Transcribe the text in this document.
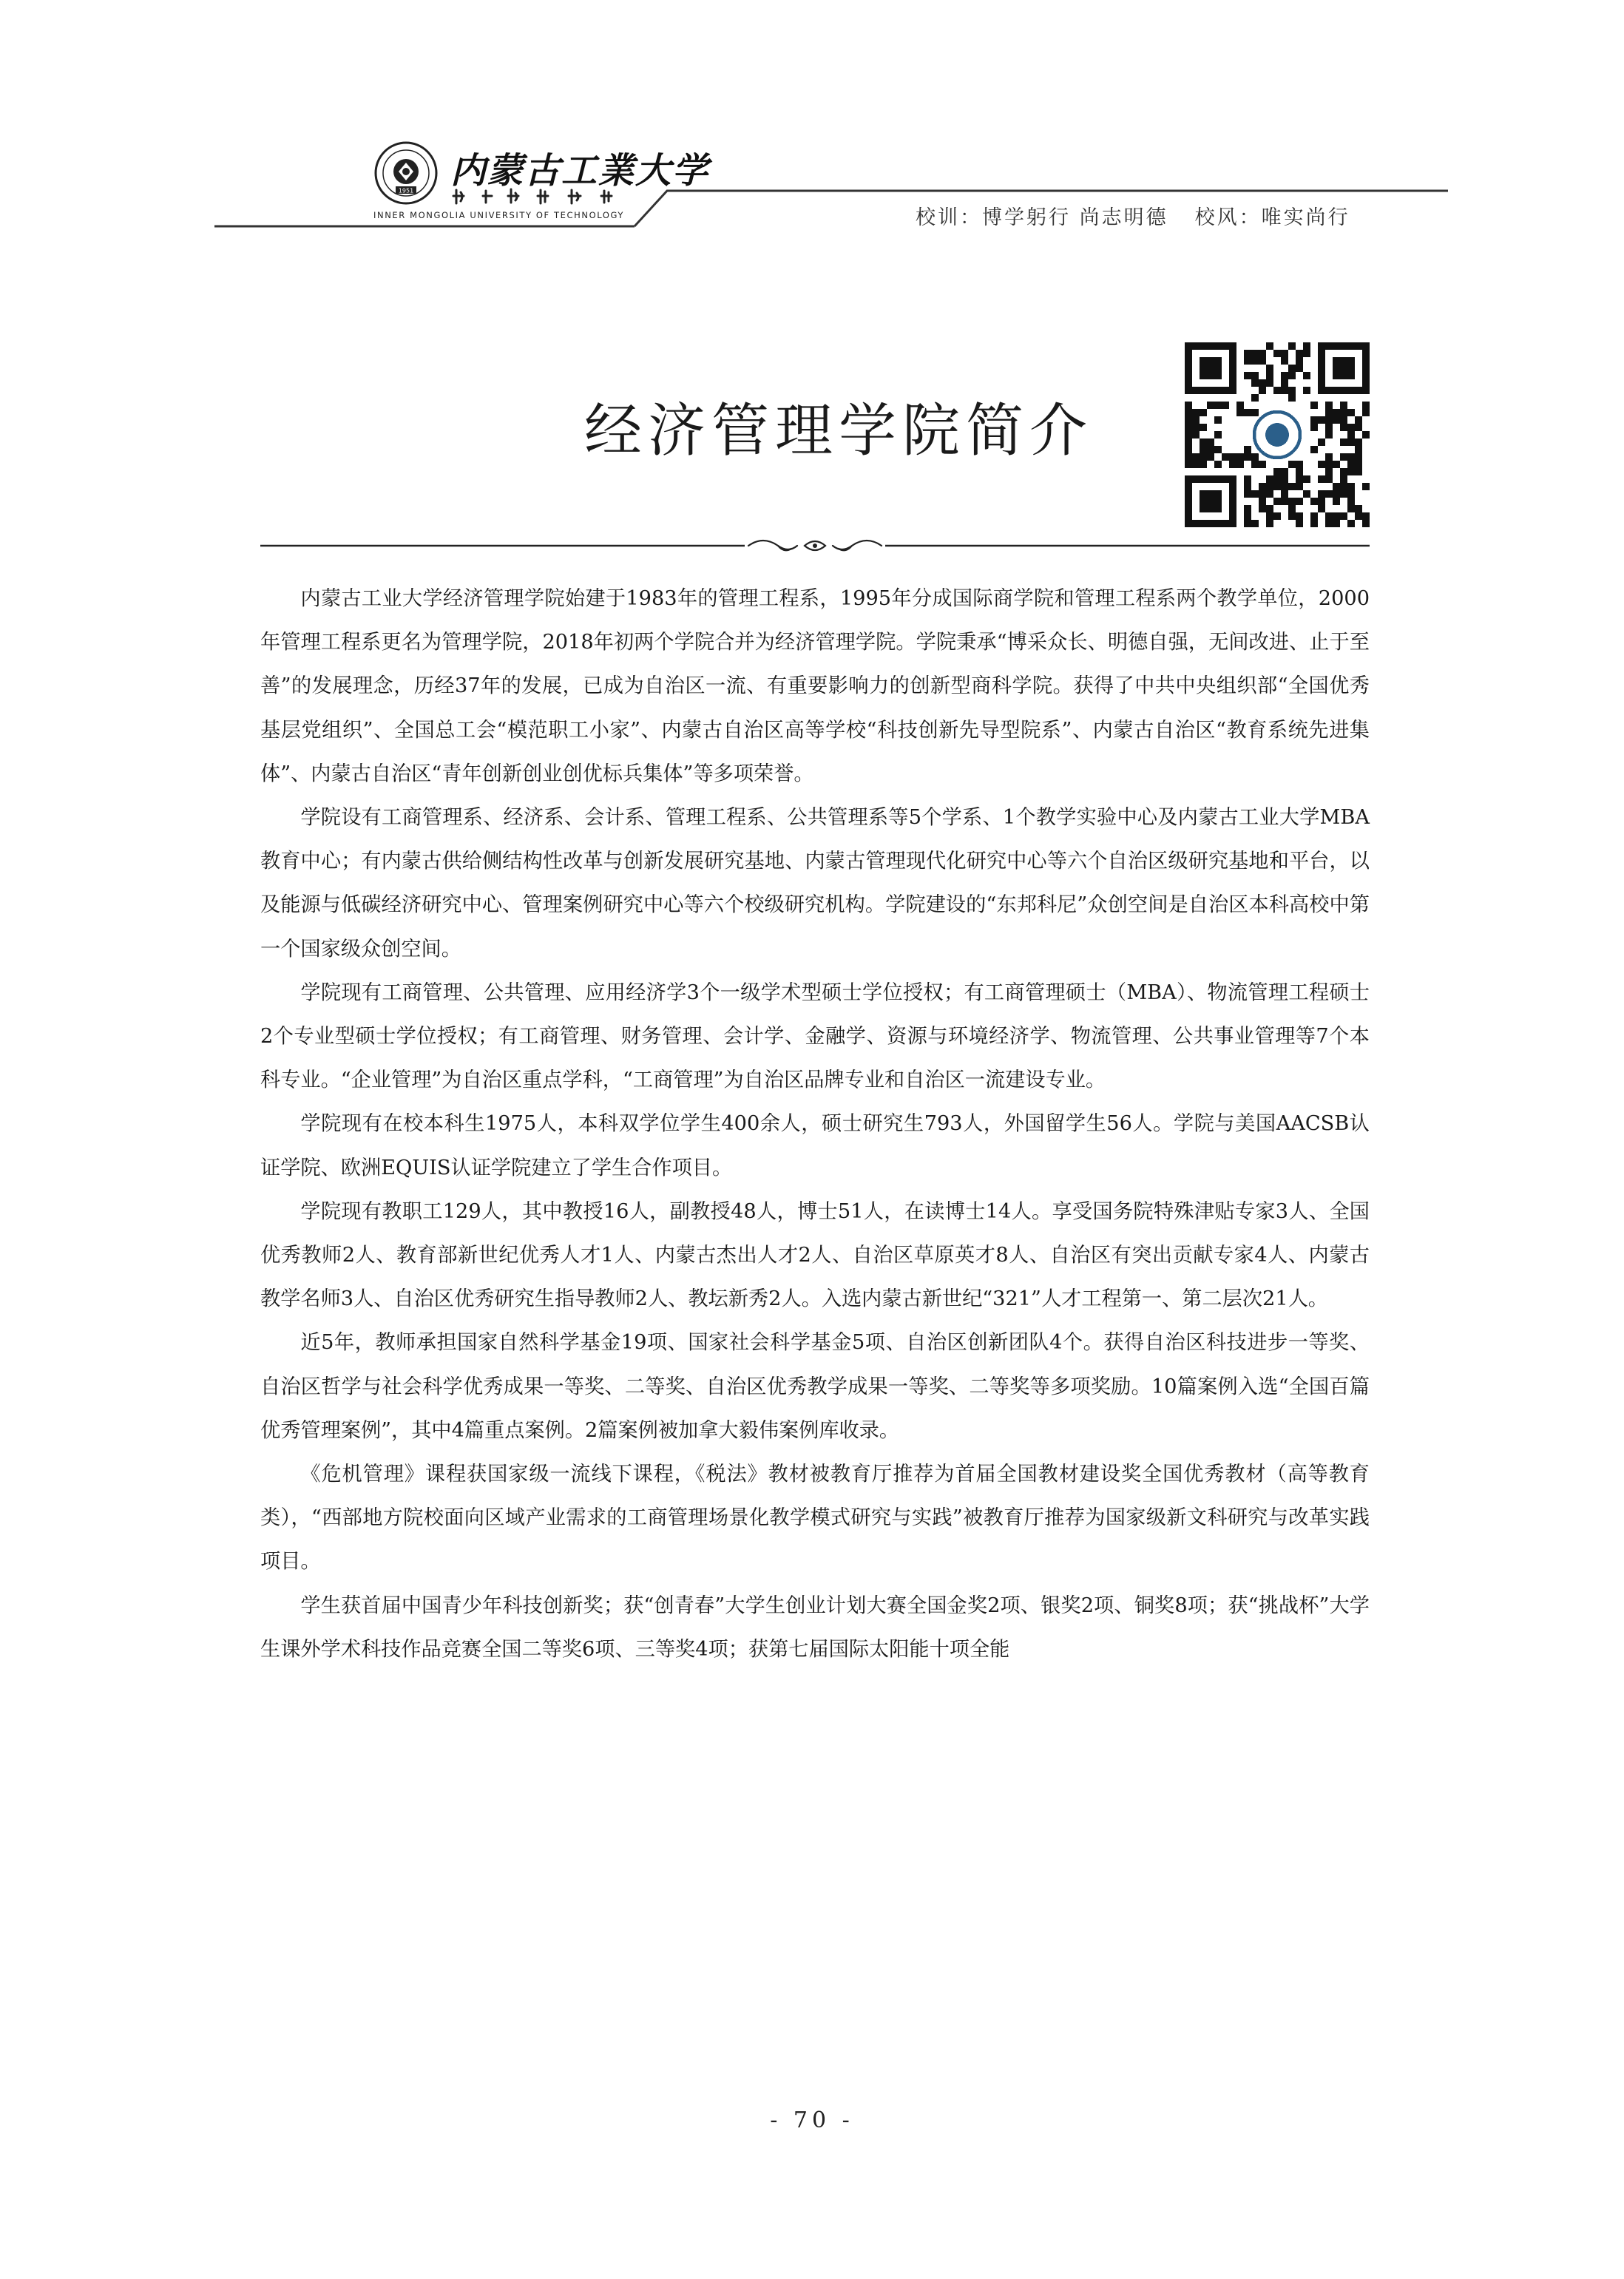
1951 内蒙古工業大学
INNER MONGOLIA UNIVERSITY OF TECHNOLOGY	校训：博学躬行 尚志明德 校风：唯实尚行
经济管理学院简介

内蒙古工业大学经济管理学院始建于1983年的管理工程系，1995年分成国际商学院和管理工程系两个教学单位，2000年管理工程系更名为管理学院，2018年初两个学院合并为经济管理学院。学院秉承“博采众长、明德自强，无间改进、止于至善”的发展理念，历经37年的发展，已成为自治区一流、有重要影响力的创新型商科学院。获得了中共中央组织部“全国优秀基层党组织”、全国总工会“模范职工小家”、内蒙古自治区高等学校“科技创新先导型院系”、内蒙古自治区“教育系统先进集体”、内蒙古自治区“青年创新创业创优标兵集体”等多项荣誉。

学院设有工商管理系、经济系、会计系、管理工程系、公共管理系等5个学系、1个教学实验中心及内蒙古工业大学MBA教育中心；有内蒙古供给侧结构性改革与创新发展研究基地、内蒙古管理现代化研究中心等六个自治区级研究基地和平台，以及能源与低碳经济研究中心、管理案例研究中心等六个校级研究机构。学院建设的“东邦科尼”众创空间是自治区本科高校中第一个国家级众创空间。

学院现有工商管理、公共管理、应用经济学3个一级学术型硕士学位授权；有工商管理硕士（MBA）、物流管理工程硕士2个专业型硕士学位授权；有工商管理、财务管理、会计学、金融学、资源与环境经济学、物流管理、公共事业管理等7个本科专业。“企业管理”为自治区重点学科，“工商管理”为自治区品牌专业和自治区一流建设专业。

学院现有在校本科生1975人，本科双学位学生400余人，硕士研究生793人，外国留学生56人。学院与美国AACSB认证学院、欧洲EQUIS认证学院建立了学生合作项目。

学院现有教职工129人，其中教授16人，副教授48人，博士51人，在读博士14人。享受国务院特殊津贴专家3人、全国优秀教师2人、教育部新世纪优秀人才1人、内蒙古杰出人才2人、自治区草原英才8人、自治区有突出贡献专家4人、内蒙古教学名师3人、自治区优秀研究生指导教师2人、教坛新秀2人。入选内蒙古新世纪“321”人才工程第一、第二层次21人。

近5年，教师承担国家自然科学基金19项、国家社会科学基金5项、自治区创新团队4个。获得自治区科技进步一等奖、自治区哲学与社会科学优秀成果一等奖、二等奖、自治区优秀教学成果一等奖、二等奖等多项奖励。10篇案例入选“全国百篇优秀管理案例”，其中4篇重点案例。2篇案例被加拿大毅伟案例库收录。

《危机管理》课程获国家级一流线下课程，《税法》教材被教育厅推荐为首届全国教材建设奖全国优秀教材（高等教育类），“西部地方院校面向区域产业需求的工商管理场景化教学模式研究与实践”被教育厅推荐为国家级新文科研究与改革实践项目。

学生获首届中国青少年科技创新奖；获“创青春”大学生创业计划大赛全国金奖2项、银奖2项、铜奖8项；获“挑战杯”大学生课外学术科技作品竞赛全国二等奖6项、三等奖4项；获第七届国际太阳能十项全能

- 70 -
